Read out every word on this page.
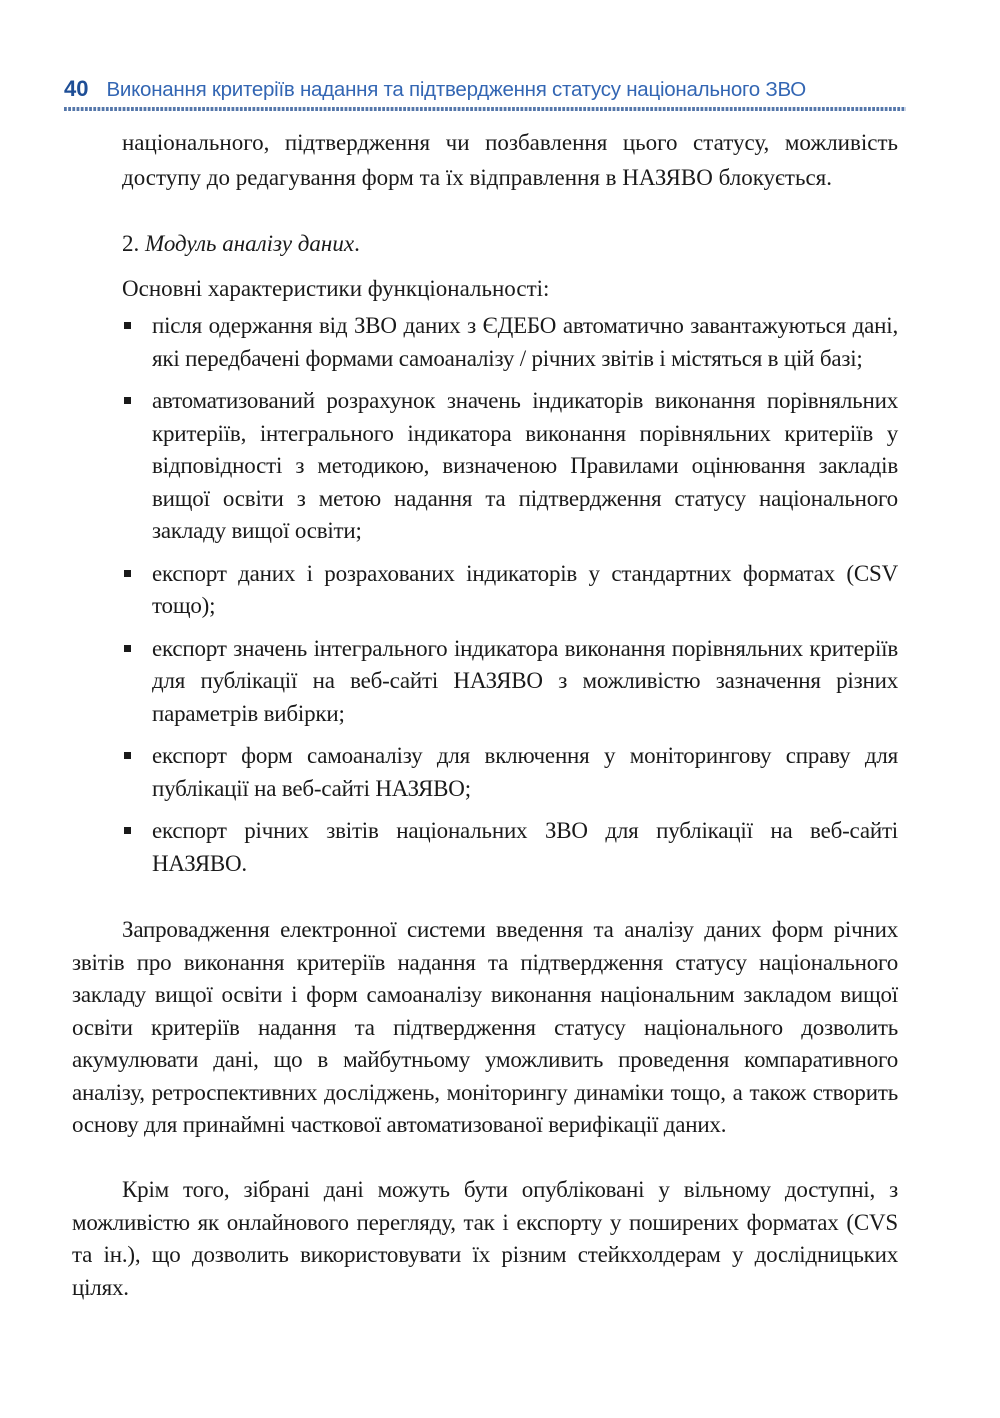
40 Виконання критеріїв надання та підтвердження статусу національного ЗВО
національного, підтвердження чи позбавлення цього статусу, можливість доступу до редагування форм та їх відправлення в НАЗЯВО блокується.
2. Модуль аналізу даних.
Основні характеристики функціональності:
після одержання від ЗВО даних з ЄДЕБО автоматично завантажуються дані, які передбачені формами самоаналізу / річних звітів і містяться в цій базі;
автоматизований розрахунок значень індикаторів виконання порівняльних критеріїв, інтегрального індикатора виконання порівняльних критеріїв у відповідності з методикою, визначеною Правилами оцінювання закладів вищої освіти з метою надання та підтвердження статусу національного закладу вищої освіти;
експорт даних і розрахованих індикаторів у стандартних форматах (CSV тощо);
експорт значень інтегрального індикатора виконання порівняльних критеріїв для публікації на веб-сайті НАЗЯВО з можливістю зазначення різних параметрів вибірки;
експорт форм самоаналізу для включення у моніторингову справу для публікації на веб-сайті НАЗЯВО;
експорт річних звітів національних ЗВО для публікації на веб-сайті НАЗЯВО.
Запровадження електронної системи введення та аналізу даних форм річних звітів про виконання критеріїв надання та підтвердження статусу національного закладу вищої освіти і форм самоаналізу виконання національним закладом вищої освіти критеріїв надання та підтвердження статусу національного дозволить акумулювати дані, що в майбутньому уможливить проведення компаративного аналізу, ретроспективних досліджень, моніторингу динаміки тощо, а також створить основу для принаймні часткової автоматизованої верифікації даних.
Крім того, зібрані дані можуть бути опубліковані у вільному доступні, з можливістю як онлайнового перегляду, так і експорту у поширених форматах (CVS та ін.), що дозволить використовувати їх різним стейкхолдерам у дослідницьких цілях.
